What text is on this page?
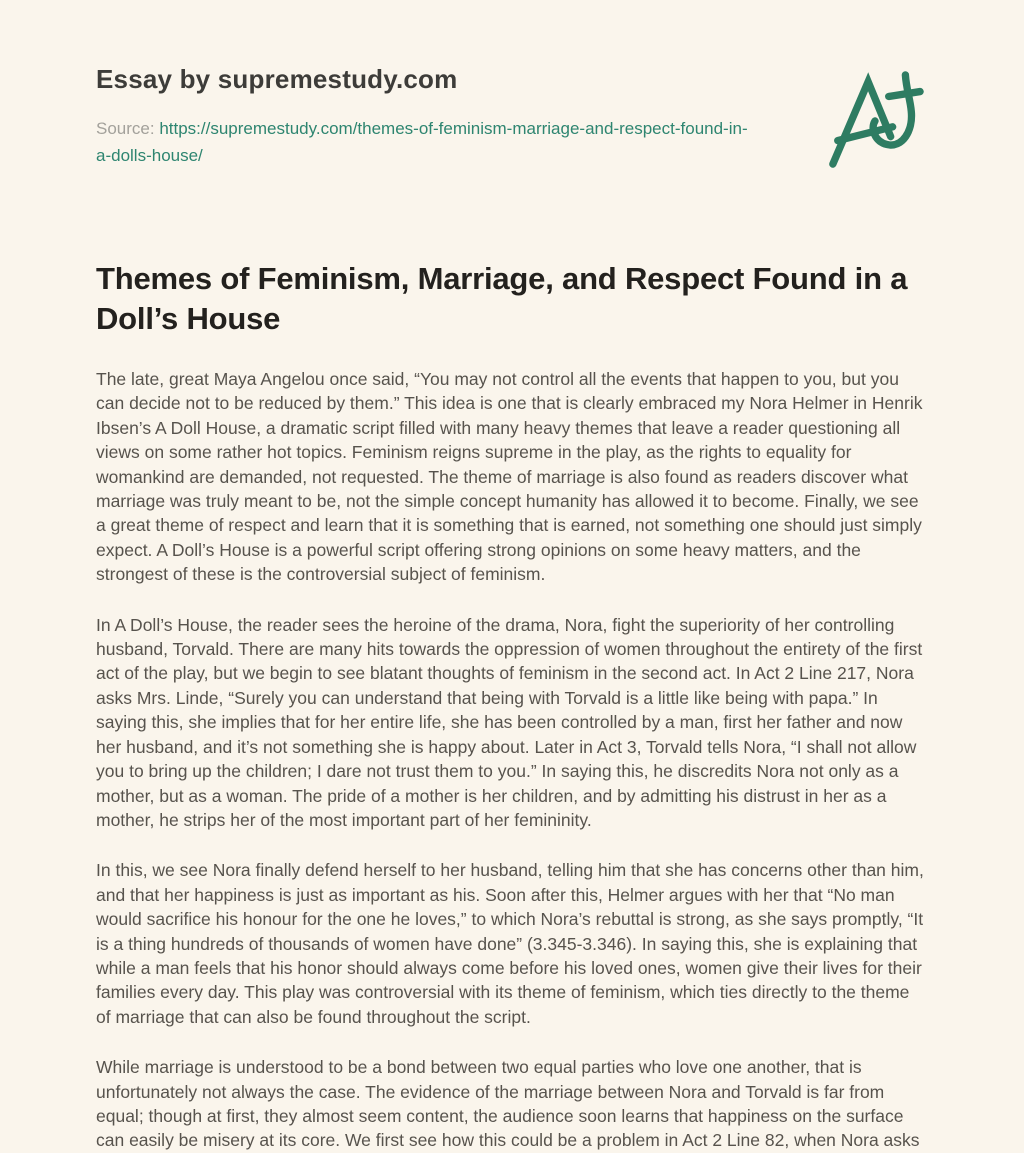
Essay by supremestudy.com
Source: https://supremestudy.com/themes-of-feminism-marriage-and-respect-found-in-a-dolls-house/
Themes of Feminism, Marriage, and Respect Found in a Doll’s House

The late, great Maya Angelou once said, “You may not control all the events that happen to you, but you can decide not to be reduced by them.” This idea is one that is clearly embraced my Nora Helmer in Henrik Ibsen’s A Doll House, a dramatic script filled with many heavy themes that leave a reader questioning all views on some rather hot topics. Feminism reigns supreme in the play, as the rights to equality for womankind are demanded, not requested. The theme of marriage is also found as readers discover what marriage was truly meant to be, not the simple concept humanity has allowed it to become. Finally, we see a great theme of respect and learn that it is something that is earned, not something one should just simply expect. A Doll’s House is a powerful script offering strong opinions on some heavy matters, and the strongest of these is the controversial subject of feminism.

In A Doll’s House, the reader sees the heroine of the drama, Nora, fight the superiority of her controlling husband, Torvald. There are many hits towards the oppression of women throughout the entirety of the first act of the play, but we begin to see blatant thoughts of feminism in the second act. In Act 2 Line 217, Nora asks Mrs. Linde, “Surely you can understand that being with Torvald is a little like being with papa.” In saying this, she implies that for her entire life, she has been controlled by a man, first her father and now her husband, and it’s not something she is happy about. Later in Act 3, Torvald tells Nora, “I shall not allow you to bring up the children; I dare not trust them to you.” In saying this, he discredits Nora not only as a mother, but as a woman. The pride of a mother is her children, and by admitting his distrust in her as a mother, he strips her of the most important part of her femininity.

In this, we see Nora finally defend herself to her husband, telling him that she has concerns other than him, and that her happiness is just as important as his. Soon after this, Helmer argues with her that “No man would sacrifice his honour for the one he loves,” to which Nora’s rebuttal is strong, as she says promptly, “It is a thing hundreds of thousands of women have done” (3.345-3.346). In saying this, she is explaining that while a man feels that his honor should always come before his loved ones, women give their lives for their families every day. This play was controversial with its theme of feminism, which ties directly to the theme of marriage that can also be found throughout the script.

While marriage is understood to be a bond between two equal parties who love one another, that is unfortunately not always the case. The evidence of the marriage between Nora and Torvald is far from equal; though at first, they almost seem content, the audience soon learns that happiness on the surface can easily be misery at its core. We first see how this could be a problem in Act 2 Line 82, when Nora asks
